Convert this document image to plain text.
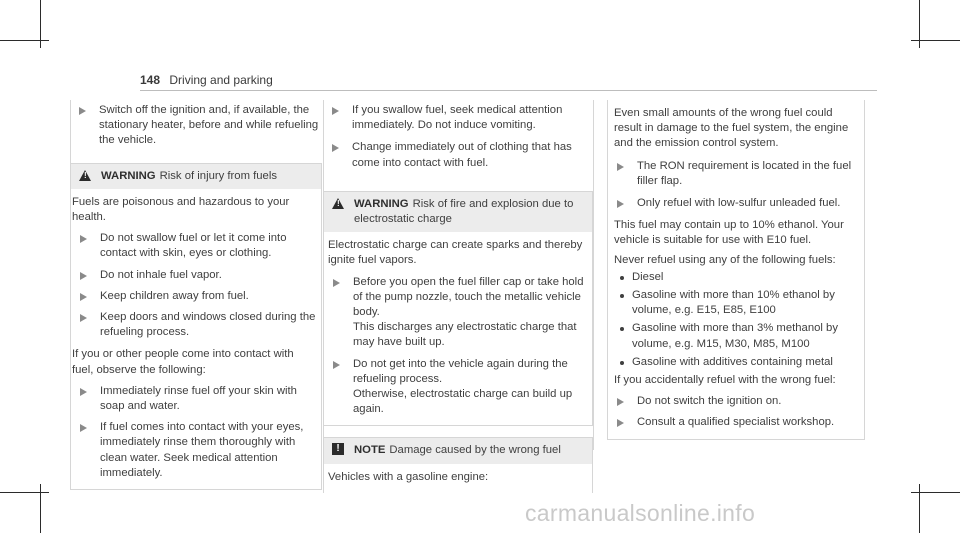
148 Driving and parking

Switch off the ignition and, if available, the stationary heater, before and while refueling the vehicle.

! WARNING Risk of injury from fuels

Fuels are poisonous and hazardous to your health.

Do not swallow fuel or let it come into contact with skin, eyes or clothing.

Do not inhale fuel vapor.

Keep children away from fuel.

Keep doors and windows closed during the refueling process.

If you or other people come into contact with fuel, observe the following:

Immediately rinse fuel off your skin with soap and water.

If fuel comes into contact with your eyes, immediately rinse them thoroughly with clean water. Seek medical attention immediately.

If you swallow fuel, seek medical attention immediately. Do not induce vomiting.

Change immediately out of clothing that has come into contact with fuel.

! WARNING Risk of fire and explosion due to electrostatic charge

Electrostatic charge can create sparks and thereby ignite fuel vapors.

Before you open the fuel filler cap or take hold of the pump nozzle, touch the metallic vehicle body.

This discharges any electrostatic charge that may have built up.

Do not get into the vehicle again during the refueling process.

Otherwise, electrostatic charge can build up again.

!	NOTE Damage caused by the wrong fuel

Vehicles with a gasoline engine:

Even small amounts of the wrong fuel could result in damage to the fuel system, the engine and the emission control system.

The RON requirement is located in the fuel filler flap.

Only refuel with low-sulfur unleaded fuel.

This fuel may contain up to 10% ethanol. Your vehicle is suitable for use with E10 fuel.

Never refuel using any of the following fuels:

Diesel

Gasoline with more than 10% ethanol by volume, e.g. E15, E85, E100

Gasoline with more than 3% methanol by volume, e.g. M15, M30, M85, M100

Gasoline with additives containing metal

If you accidentally refuel with the wrong fuel:

Do not switch the ignition on.

Consult a qualified specialist workshop.

carmanualsonline.info
